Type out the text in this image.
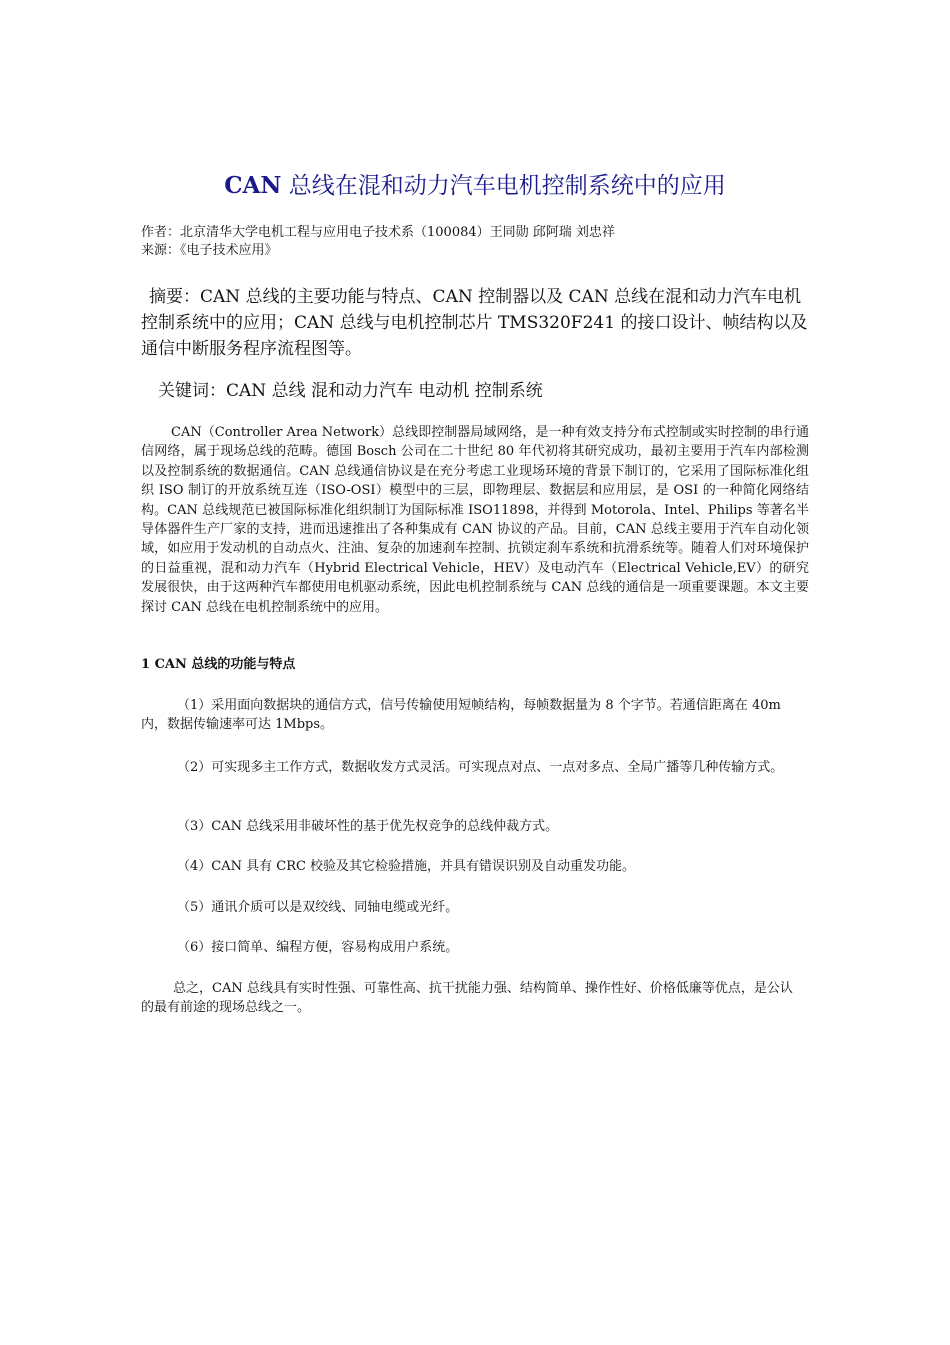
CAN 总线在混和动力汽车电机控制系统中的应用
作者：北京清华大学电机工程与应用电子技术系（100084）王同勋 邱阿瑞 刘忠祥
来源：《电子技术应用》
摘要：CAN 总线的主要功能与特点、CAN 控制器以及 CAN 总线在混和动力汽车电机控制系统中的应用；CAN 总线与电机控制芯片 TMS320F241 的接口设计、帧结构以及通信中断服务程序流程图等。
关键词：CAN 总线 混和动力汽车 电动机 控制系统
CAN（Controller Area Network）总线即控制器局域网络，是一种有效支持分布式控制或实时控制的串行通信网络，属于现场总线的范畴。德国 Bosch 公司在二十世纪 80 年代初将其研究成功，最初主要用于汽车内部检测以及控制系统的数据通信。CAN 总线通信协议是在充分考虑工业现场环境的背景下制订的，它采用了国际标准化组织 ISO 制订的开放系统互连（ISO-OSI）模型中的三层，即物理层、数据层和应用层，是 OSI 的一种简化网络结构。CAN 总线规范已被国际标准化组织制订为国际标准 ISO11898，并得到 Motorola、Intel、Philips 等著名半导体器件生产厂家的支持，进而迅速推出了各种集成有 CAN 协议的产品。目前，CAN 总线主要用于汽车自动化领域，如应用于发动机的自动点火、注油、复杂的加速刹车控制、抗锁定刹车系统和抗滑系统等。随着人们对环境保护的日益重视，混和动力汽车（Hybrid Electrical Vehicle，HEV）及电动汽车（Electrical Vehicle,EV）的研究发展很快，由于这两种汽车都使用电机驱动系统，因此电机控制系统与 CAN 总线的通信是一项重要课题。本文主要探讨 CAN 总线在电机控制系统中的应用。
1 CAN 总线的功能与特点
（1）采用面向数据块的通信方式，信号传输使用短帧结构，每帧数据量为 8 个字节。若通信距离在 40m 内，数据传输速率可达 1Mbps。
（2）可实现多主工作方式，数据收发方式灵活。可实现点对点、一点对多点、全局广播等几种传输方式。
（3）CAN 总线采用非破坏性的基于优先权竞争的总线仲裁方式。
（4）CAN 具有 CRC 校验及其它检验措施，并具有错误识别及自动重发功能。
（5）通讯介质可以是双绞线、同轴电缆或光纤。
（6）接口简单、编程方便，容易构成用户系统。
总之，CAN 总线具有实时性强、可靠性高、抗干扰能力强、结构简单、操作性好、价格低廉等优点，是公认的最有前途的现场总线之一。
